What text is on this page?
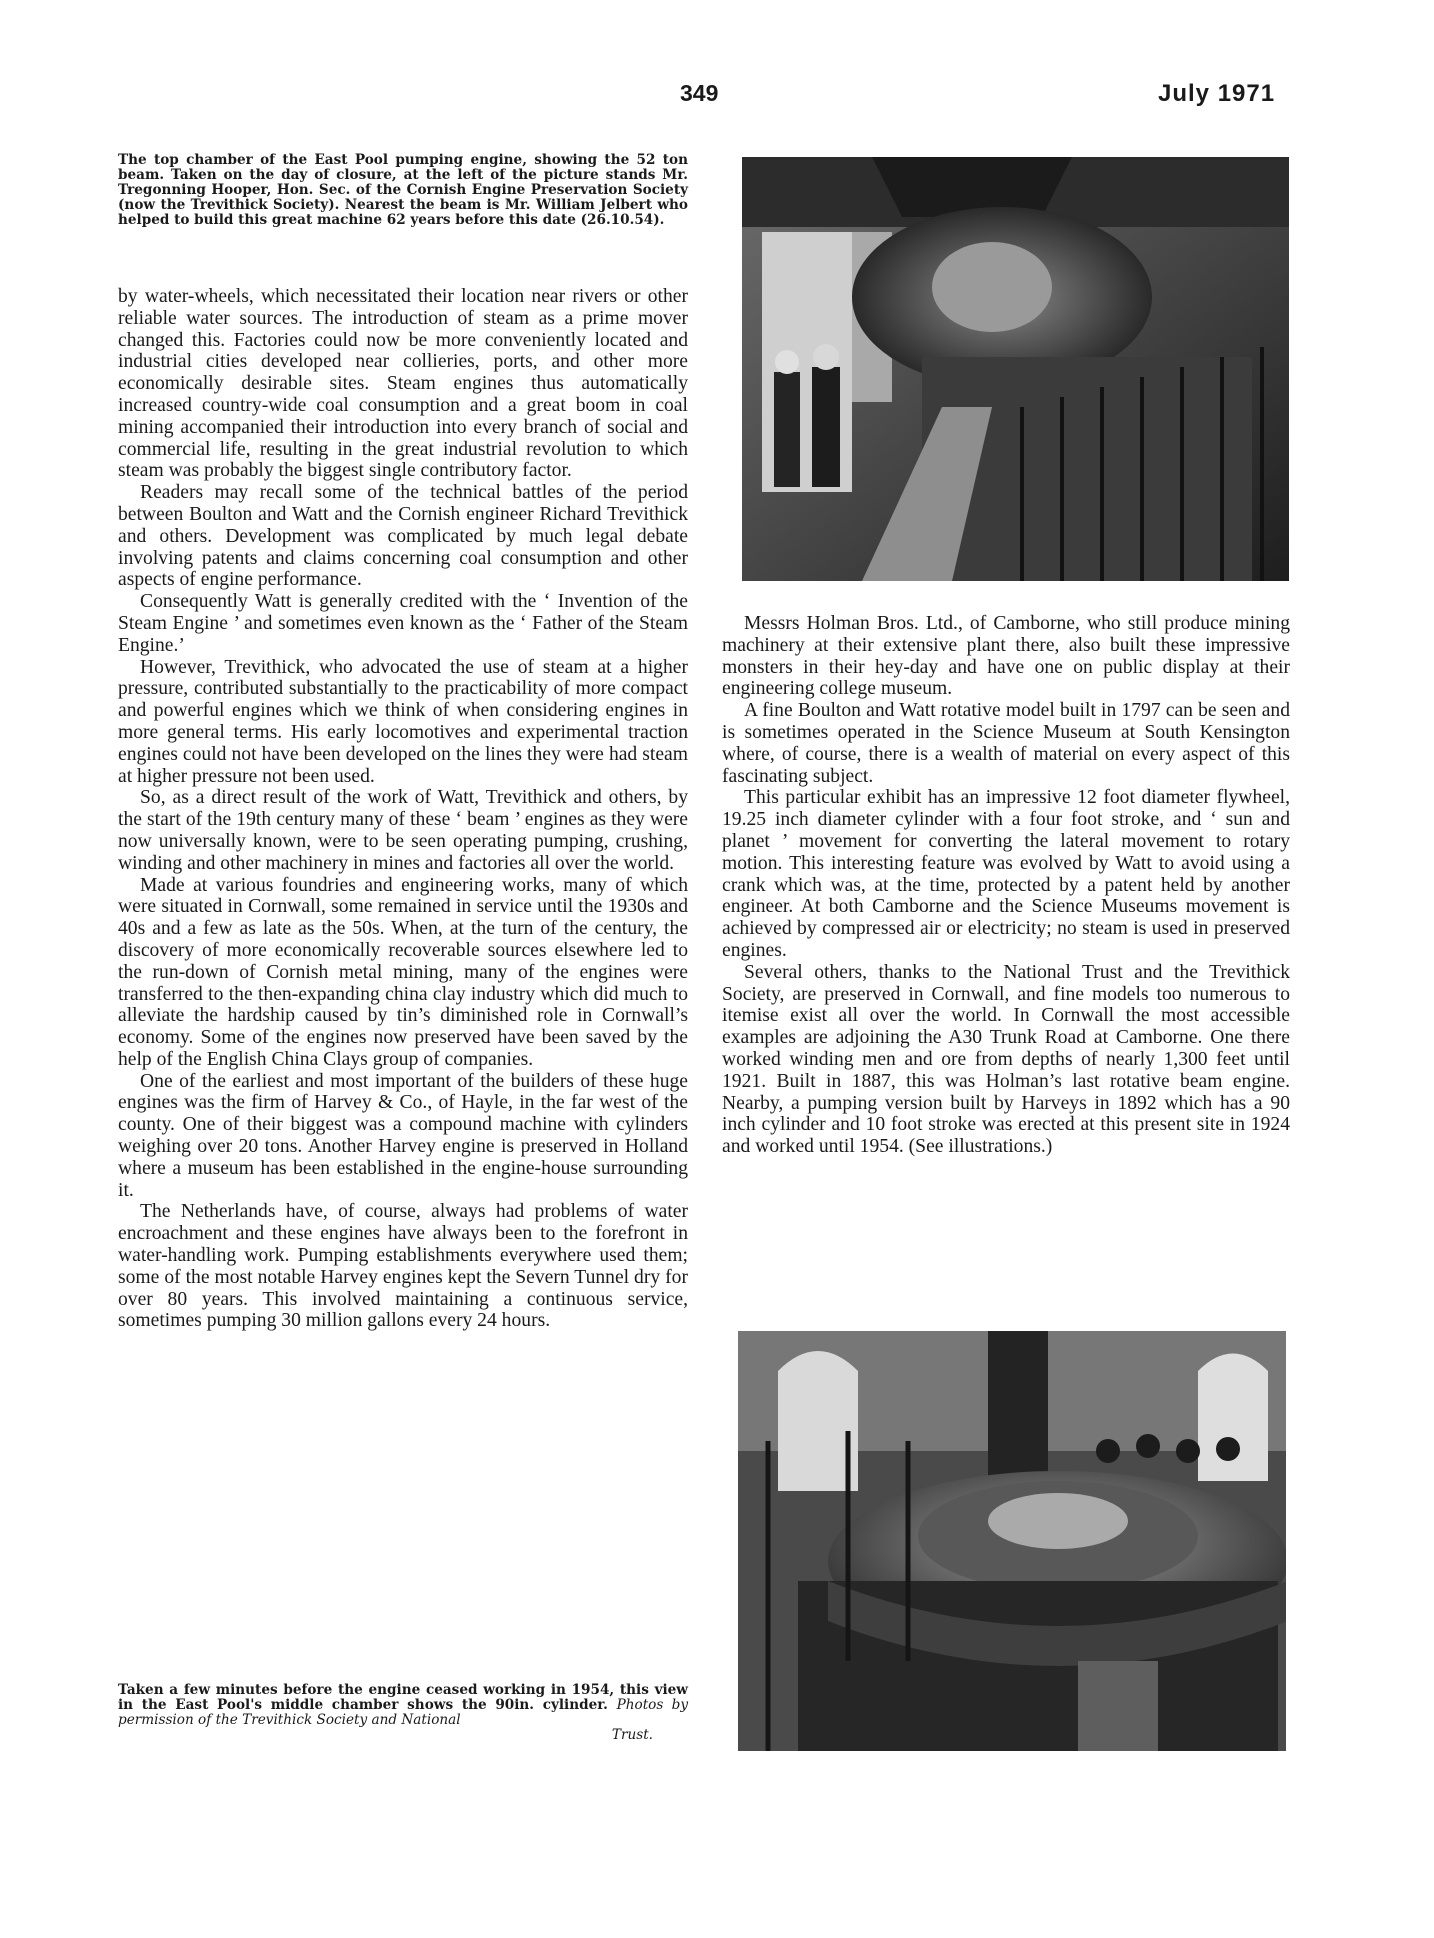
349	July 1971
The top chamber of the East Pool pumping engine, showing the 52 ton beam. Taken on the day of closure, at the left of the picture stands Mr. Tregonning Hooper, Hon. Sec. of the Cornish Engine Preservation Society (now the Trevithick Society). Nearest the beam is Mr. William Jelbert who helped to build this great machine 62 years before this date (26.10.54).

by water-wheels, which necessitated their location near rivers or other reliable water sources. The introduction of steam as a prime mover changed this. Factories could now be more conveniently located and industrial cities developed near collieries, ports, and other more economically desirable sites. Steam engines thus automatically increased country-wide coal consumption and a great boom in coal mining accompanied their introduction into every branch of social and commercial life, resulting in the great industrial revolution to which steam was probably the biggest single contributory factor.

Readers may recall some of the technical battles of the period between Boulton and Watt and the Cornish engineer Richard Trevithick and others. Development was complicated by much legal debate involving patents and claims concerning coal consumption and other aspects of engine performance.

Consequently Watt is generally credited with the ‘ Invention of the Steam Engine ’ and sometimes even known as the ‘ Father of the Steam Engine.’

However, Trevithick, who advocated the use of steam at a higher pressure, contributed substantially to the practicability of more compact and powerful engines which we think of when considering engines in more general terms. His early locomotives and experimental traction engines could not have been developed on the lines they were had steam at higher pressure not been used.

So, as a direct result of the work of Watt, Trevithick and others, by the start of the 19th century many of these ‘ beam ’ engines as they were now universally known, were to be seen operating pumping, crushing, winding and other machinery in mines and factories all over the world.

Made at various foundries and engineering works, many of which were situated in Cornwall, some remained in service until the 1930s and 40s and a few as late as the 50s. When, at the turn of the century, the discovery of more economically recoverable sources elsewhere led to the run-down of Cornish metal mining, many of the engines were transferred to the then-expanding china clay industry which did much to alleviate the hardship caused by tin’s diminished role in Cornwall’s economy. Some of the engines now preserved have been saved by the help of the English China Clays group of companies.

One of the earliest and most important of the builders of these huge engines was the firm of Harvey & Co., of Hayle, in the far west of the county. One of their biggest was a compound machine with cylinders weighing over 20 tons. Another Harvey engine is preserved in Holland where a museum has been established in the engine-house surrounding it.

The Netherlands have, of course, always had problems of water encroachment and these engines have always been to the forefront in water-handling work. Pumping establishments everywhere used them; some of the most notable Harvey engines kept the Severn Tunnel dry for over 80 years. This involved maintaining a continuous service, sometimes pumping 30 million gallons every 24 hours.

Messrs Holman Bros. Ltd., of Camborne, who still produce mining machinery at their extensive plant there, also built these impressive monsters in their hey-day and have one on public display at their engineering college museum.

A fine Boulton and Watt rotative model built in 1797 can be seen and is sometimes operated in the Science Museum at South Kensington where, of course, there is a wealth of material on every aspect of this fascinating subject.

This particular exhibit has an impressive 12 foot diameter flywheel, 19.25 inch diameter cylinder with a four foot stroke, and ‘ sun and planet ’ movement for converting the lateral movement to rotary motion. This interesting feature was evolved by Watt to avoid using a crank which was, at the time, protected by a patent held by another engineer. At both Camborne and the Science Museums movement is achieved by compressed air or electricity; no steam is used in preserved engines.

Several others, thanks to the National Trust and the Trevithick Society, are preserved in Cornwall, and fine models too numerous to itemise exist all over the world. In Cornwall the most accessible examples are adjoining the A30 Trunk Road at Camborne. One there worked winding men and ore from depths of nearly 1,300 feet until 1921. Built in 1887, this was Holman’s last rotative beam engine. Nearby, a pumping version built by Harveys in 1892 which has a 90 inch cylinder and 10 foot stroke was erected at this present site in 1924 and worked until 1954. (See illustrations.)

Taken a few minutes before the engine ceased working in 1954, this view in the East Pool's middle chamber shows the 90in. cylinder. Photos by permission of the Trevithick Society and National
Trust.
